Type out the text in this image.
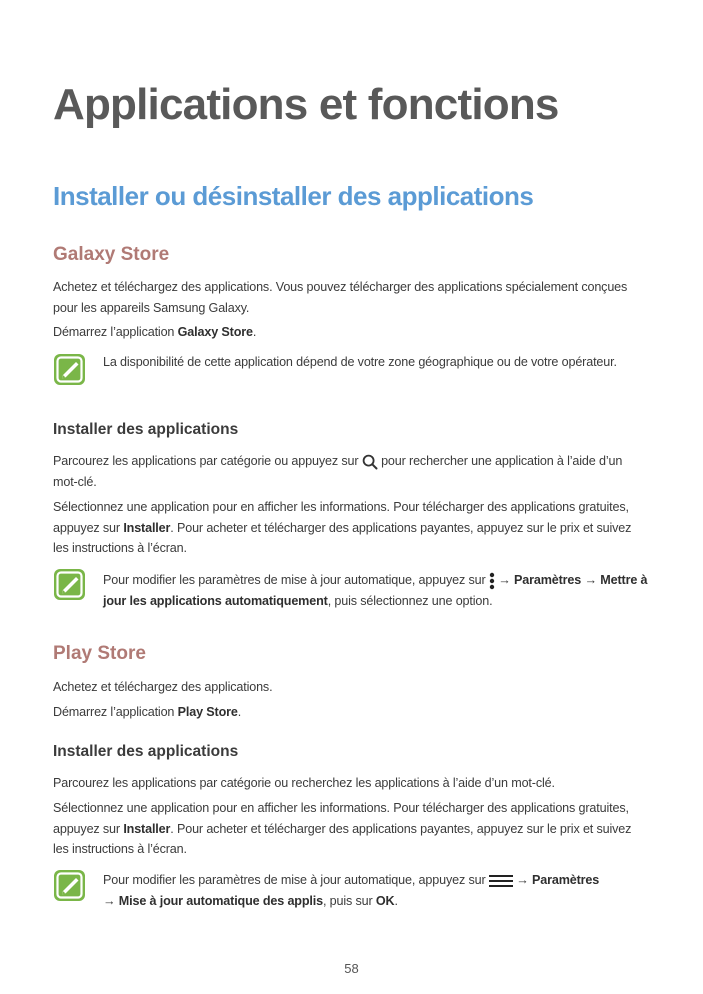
Applications et fonctions
Installer ou désinstaller des applications
Galaxy Store

Achetez et téléchargez des applications. Vous pouvez télécharger des applications spécialement conçues pour les appareils Samsung Galaxy.

Démarrez l’application Galaxy Store.

La disponibilité de cette application dépend de votre zone géographique ou de votre opérateur.

Installer des applications

Parcourez les applications par catégorie ou appuyez sur  pour rechercher une application à l’aide d’un mot-clé.

Sélectionnez une application pour en afficher les informations. Pour télécharger des applications gratuites, appuyez sur Installer. Pour acheter et télécharger des applications payantes, appuyez sur le prix et suivez les instructions à l’écran.

Pour modifier les paramètres de mise à jour automatique, appuyez sur  → Paramètres → Mettre à jour les applications automatiquement, puis sélectionnez une option.

Play Store

Achetez et téléchargez des applications.

Démarrez l’application Play Store.

Installer des applications

Parcourez les applications par catégorie ou recherchez les applications à l’aide d’un mot-clé.

Sélectionnez une application pour en afficher les informations. Pour télécharger des applications gratuites, appuyez sur Installer. Pour acheter et télécharger des applications payantes, appuyez sur le prix et suivez les instructions à l’écran.

Pour modifier les paramètres de mise à jour automatique, appuyez sur  → Paramètres
→ Mise à jour automatique des applis, puis sur OK.

58
